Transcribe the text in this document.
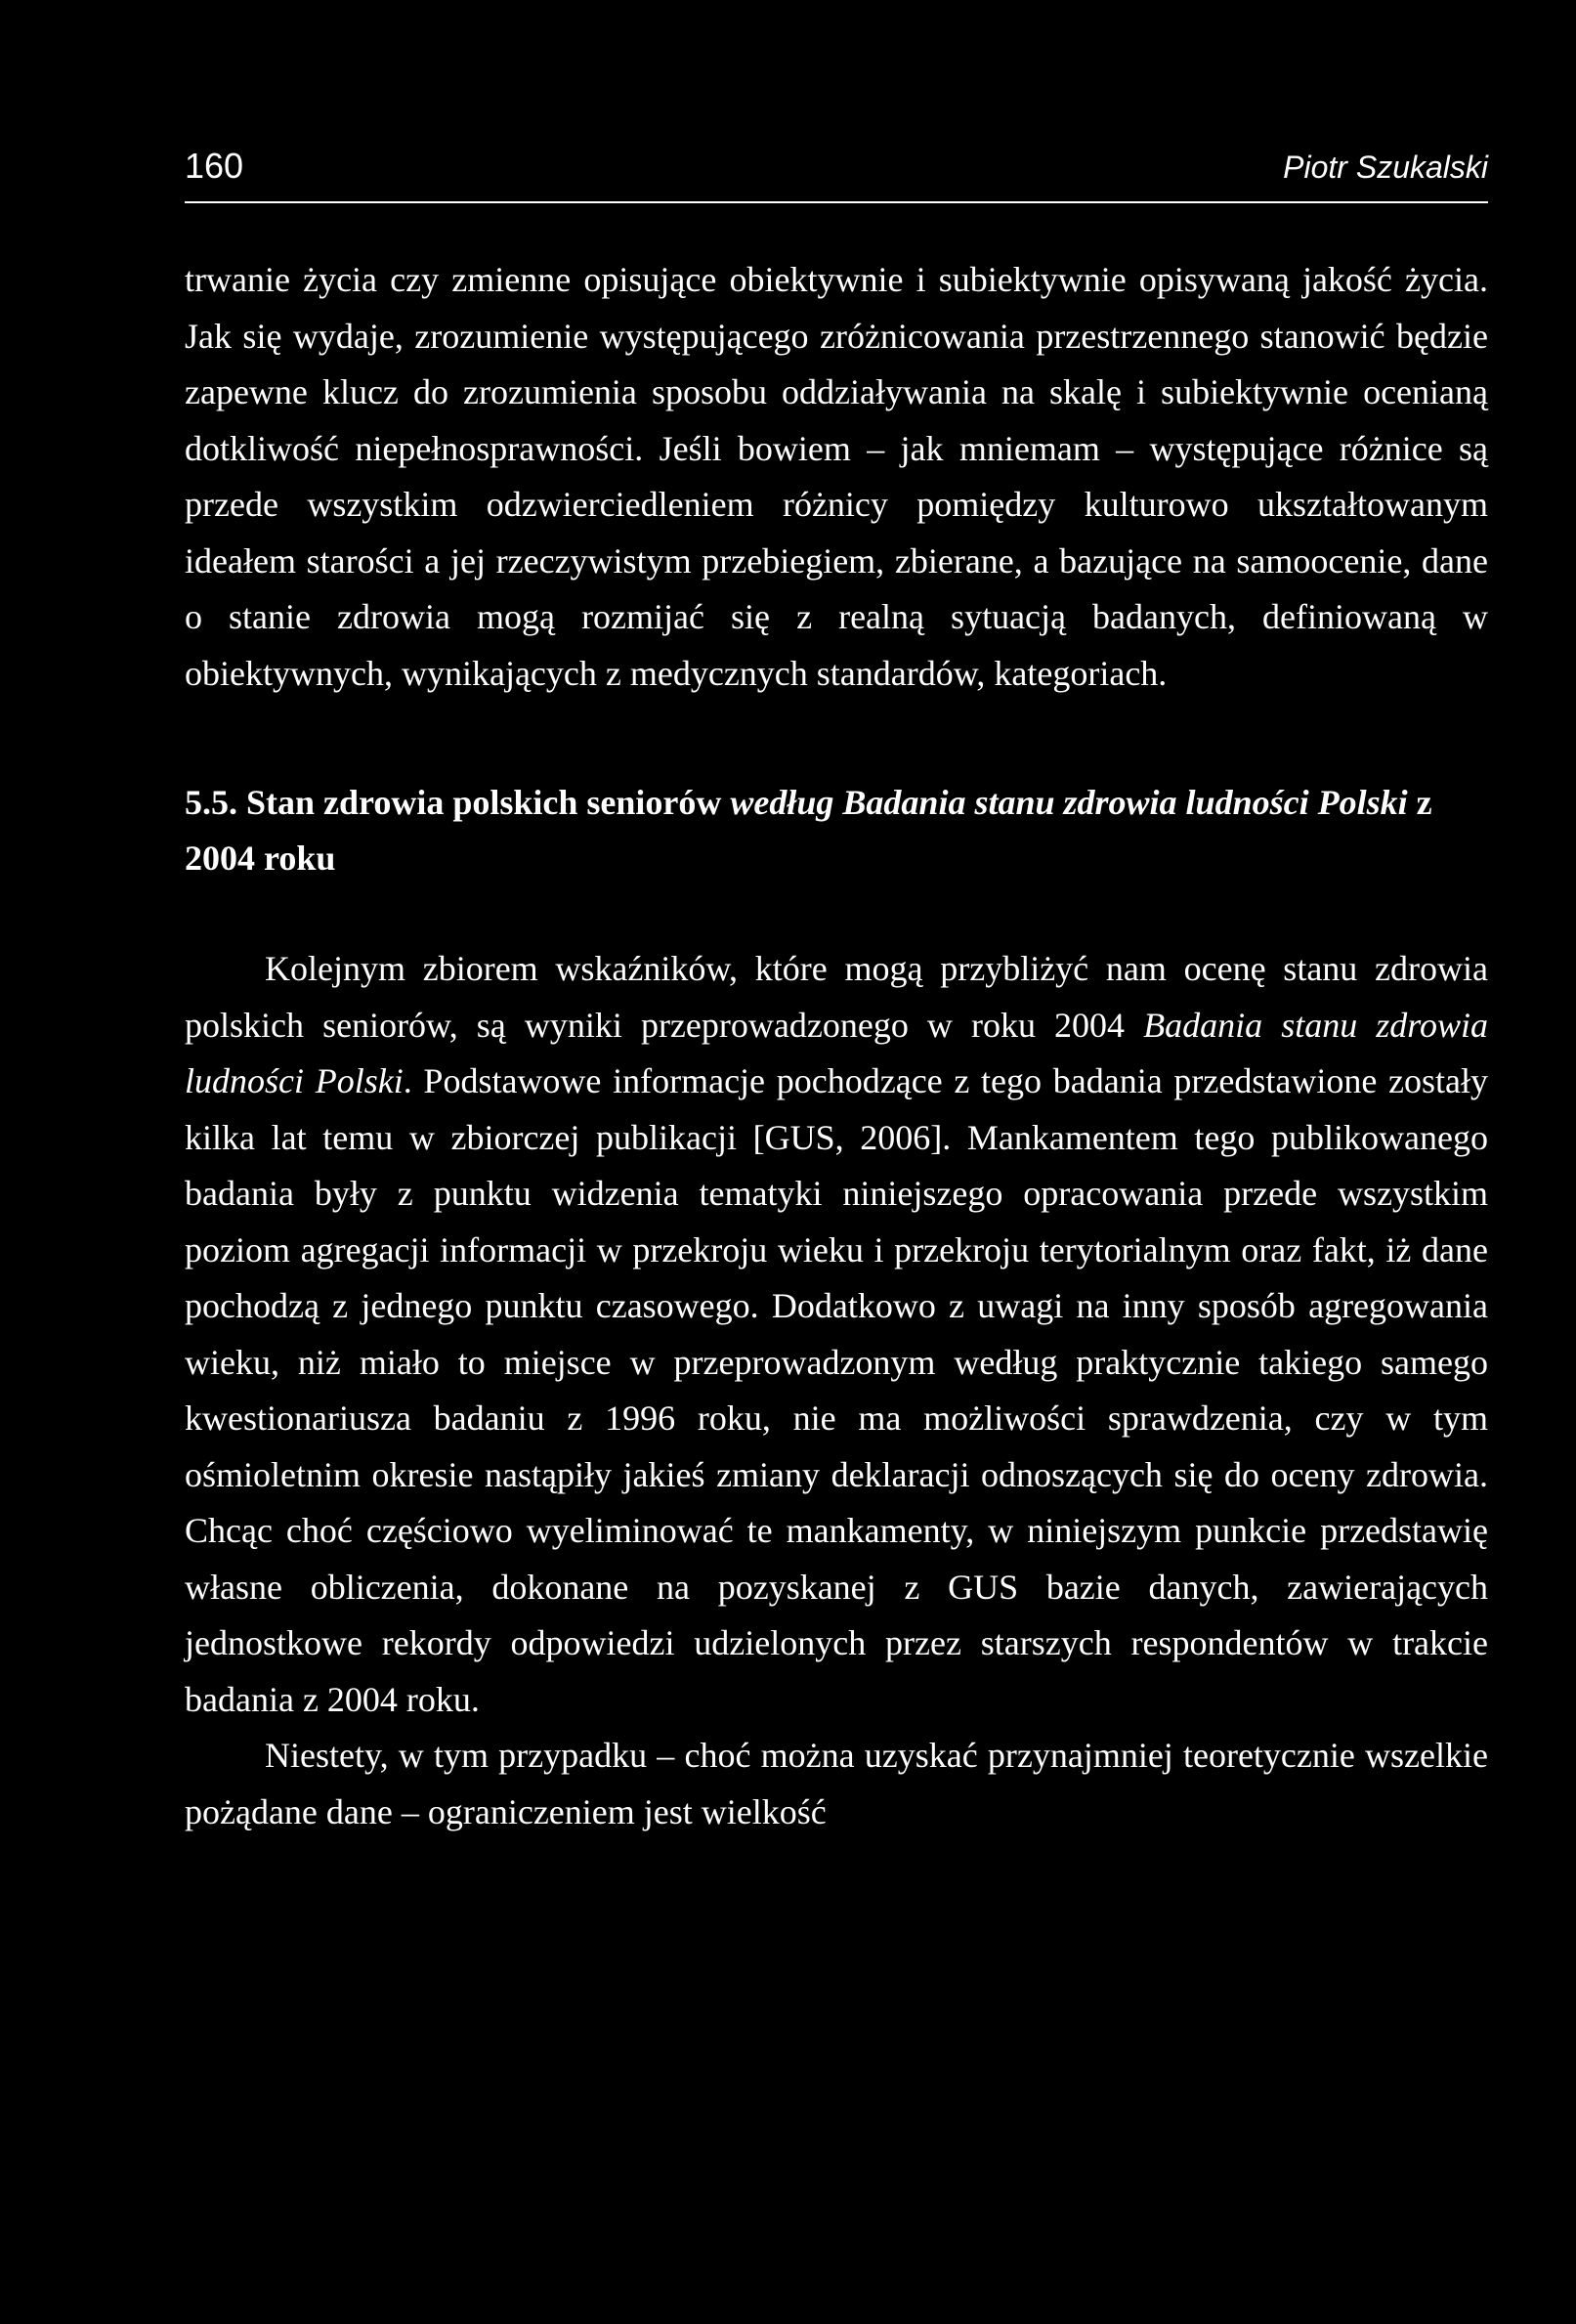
160	Piotr Szukalski

trwanie życia czy zmienne opisujące obiektywnie i subiektywnie opisywaną jakość życia. Jak się wydaje, zrozumienie występującego zróżnicowania przestrzennego stanowić będzie zapewne klucz do zrozumienia sposobu oddziaływania na skalę i subiektywnie ocenianą dotkliwość niepełnosprawności. Jeśli bowiem – jak mniemam – występujące różnice są przede wszystkim odzwierciedleniem różnicy pomiędzy kulturowo ukształtowanym ideałem starości a jej rzeczywistym przebiegiem, zbierane, a bazujące na samoocenie, dane o stanie zdrowia mogą rozmijać się z realną sytuacją badanych, definiowaną w obiektywnych, wynikających z medycznych standardów, kategoriach.

5.5. Stan zdrowia polskich seniorów według Badania stanu zdrowia ludności Polski z 2004 roku

Kolejnym zbiorem wskaźników, które mogą przybliżyć nam ocenę stanu zdrowia polskich seniorów, są wyniki przeprowadzonego w roku 2004 Badania stanu zdrowia ludności Polski. Podstawowe informacje pochodzące z tego badania przedstawione zostały kilka lat temu w zbiorczej publikacji [GUS, 2006]. Mankamentem tego publikowanego badania były z punktu widzenia tematyki niniejszego opracowania przede wszystkim poziom agregacji informacji w przekroju wieku i przekroju terytorialnym oraz fakt, iż dane pochodzą z jednego punktu czasowego. Dodatkowo z uwagi na inny sposób agregowania wieku, niż miało to miejsce w przeprowadzonym według praktycznie takiego samego kwestionariusza badaniu z 1996 roku, nie ma możliwości sprawdzenia, czy w tym ośmioletnim okresie nastąpiły jakieś zmiany deklaracji odnoszących się do oceny zdrowia. Chcąc choć częściowo wyeliminować te mankamenty, w niniejszym punkcie przedstawię własne obliczenia, dokonane na pozyskanej z GUS bazie danych, zawierających jednostkowe rekordy odpowiedzi udzielonych przez starszych respondentów w trakcie badania z 2004 roku.

Niestety, w tym przypadku – choć można uzyskać przynajmniej teoretycznie wszelkie pożądane dane – ograniczeniem jest wielkość
